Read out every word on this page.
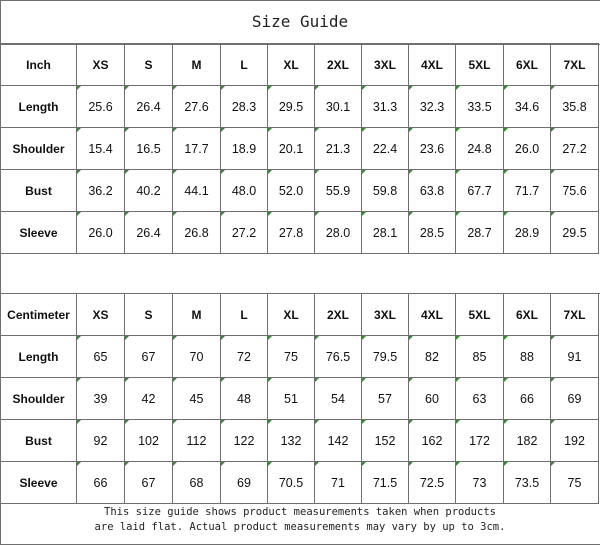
Size Guide
Inch	XS	S	M	L	XL	2XL	3XL	4XL	5XL	6XL	7XL
Length	25.6	26.4	27.6	28.3	29.5	30.1	31.3	32.3	33.5	34.6	35.8
Shoulder	15.4	16.5	17.7	18.9	20.1	21.3	22.4	23.6	24.8	26.0	27.2
Bust	36.2	40.2	44.1	48.0	52.0	55.9	59.8	63.8	67.7	71.7	75.6
Sleeve	26.0	26.4	26.8	27.2	27.8	28.0	28.1	28.5	28.7	28.9	29.5
Centimeter	XS	S	M	L	XL	2XL	3XL	4XL	5XL	6XL	7XL
Length	65	67	70	72	75	76.5	79.5	82	85	88	91
Shoulder	39	42	45	48	51	54	57	60	63	66	69
Bust	92	102	112	122	132	142	152	162	172	182	192
Sleeve	66	67	68	69	70.5	71	71.5	72.5	73	73.5	75
This size guide shows product measurements taken when products
are laid flat. Actual product measurements may vary by up to 3cm.
